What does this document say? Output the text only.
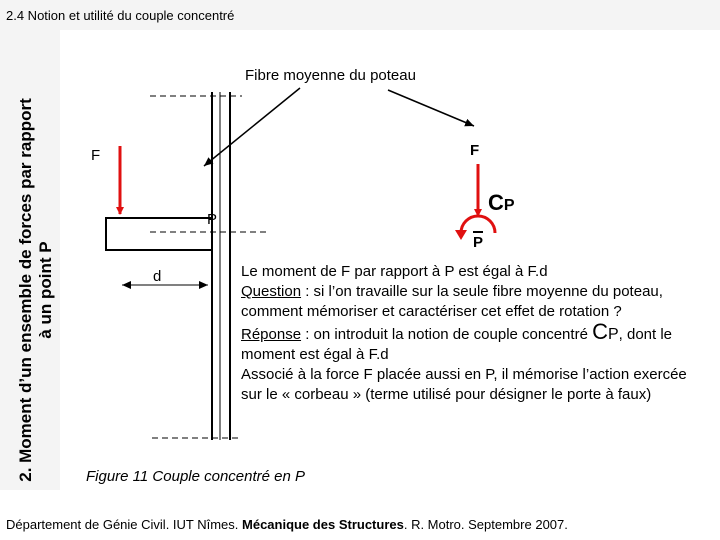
2.4 Notion et utilité du couple concentré
2. Moment d’un ensemble de forces par rapport à un point P
Fibre moyenne du poteau
F	F
P
P
d
CP

Le moment de F par rapport à P est égal à F.d

Question : si l’on travaille sur la seule fibre moyenne du poteau, comment mémoriser et caractériser cet effet de rotation ?

Réponse : on introduit la notion de couple concentré CP, dont le moment est égal à F.d

Associé à la force F placée aussi en P, il mémorise l’action exercée sur le « corbeau » (terme utilisé pour désigner le porte à faux)

Figure 11 Couple concentré en P
Département de Génie Civil. IUT Nîmes. Mécanique des Structures. R. Motro. Septembre 2007.
